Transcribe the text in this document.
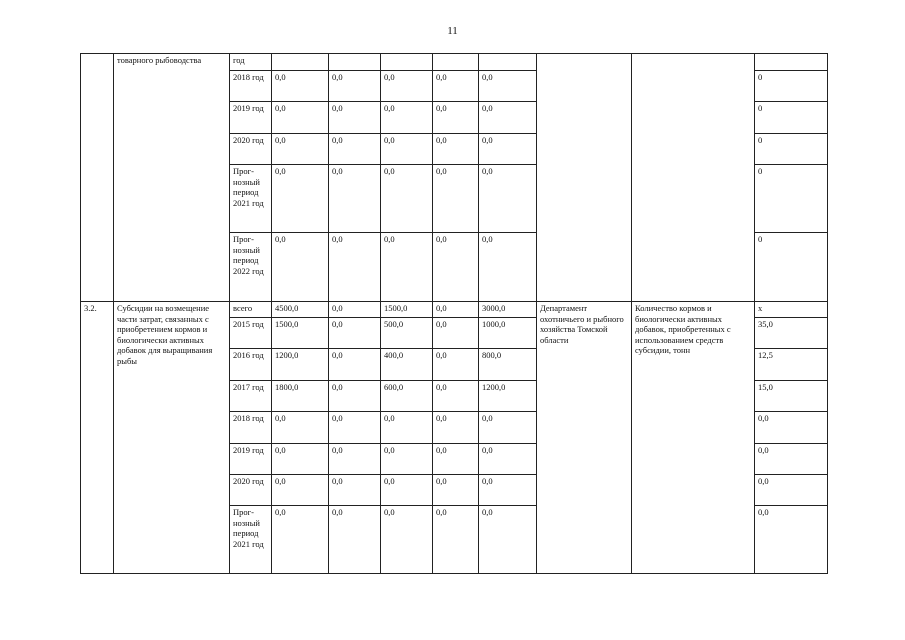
11
	товарного рыбоводства	год								
		2018 год	0,0	0,0	0,0	0,0	0,0			0
		2019 год	0,0	0,0	0,0	0,0	0,0			0
		2020 год	0,0	0,0	0,0	0,0	0,0			0
		Прог-нозный период 2021 год	0,0	0,0	0,0	0,0	0,0			0
		Прог-нозный период 2022 год	0,0	0,0	0,0	0,0	0,0			0
3.2.	Субсидии на возмещение части затрат, связанных с приобретением кормов и биологически активных добавок для выращивания рыбы	всего	4500,0	0,0	1500,0	0,0	3000,0	Департамент охотничьего и рыбного хозяйства Томской области	Количество кормов и биологически активных добавок, приобретенных с использованием средств субсидии, тонн	х
		2015 год	1500,0	0,0	500,0	0,0	1000,0			35,0
		2016 год	1200,0	0,0	400,0	0,0	800,0			12,5
		2017 год	1800,0	0,0	600,0	0,0	1200,0			15,0
		2018 год	0,0	0,0	0,0	0,0	0,0			0,0
		2019 год	0,0	0,0	0,0	0,0	0,0			0,0
		2020 год	0,0	0,0	0,0	0,0	0,0			0,0
		Прог-нозный период 2021 год	0,0	0,0	0,0	0,0	0,0			0,0
